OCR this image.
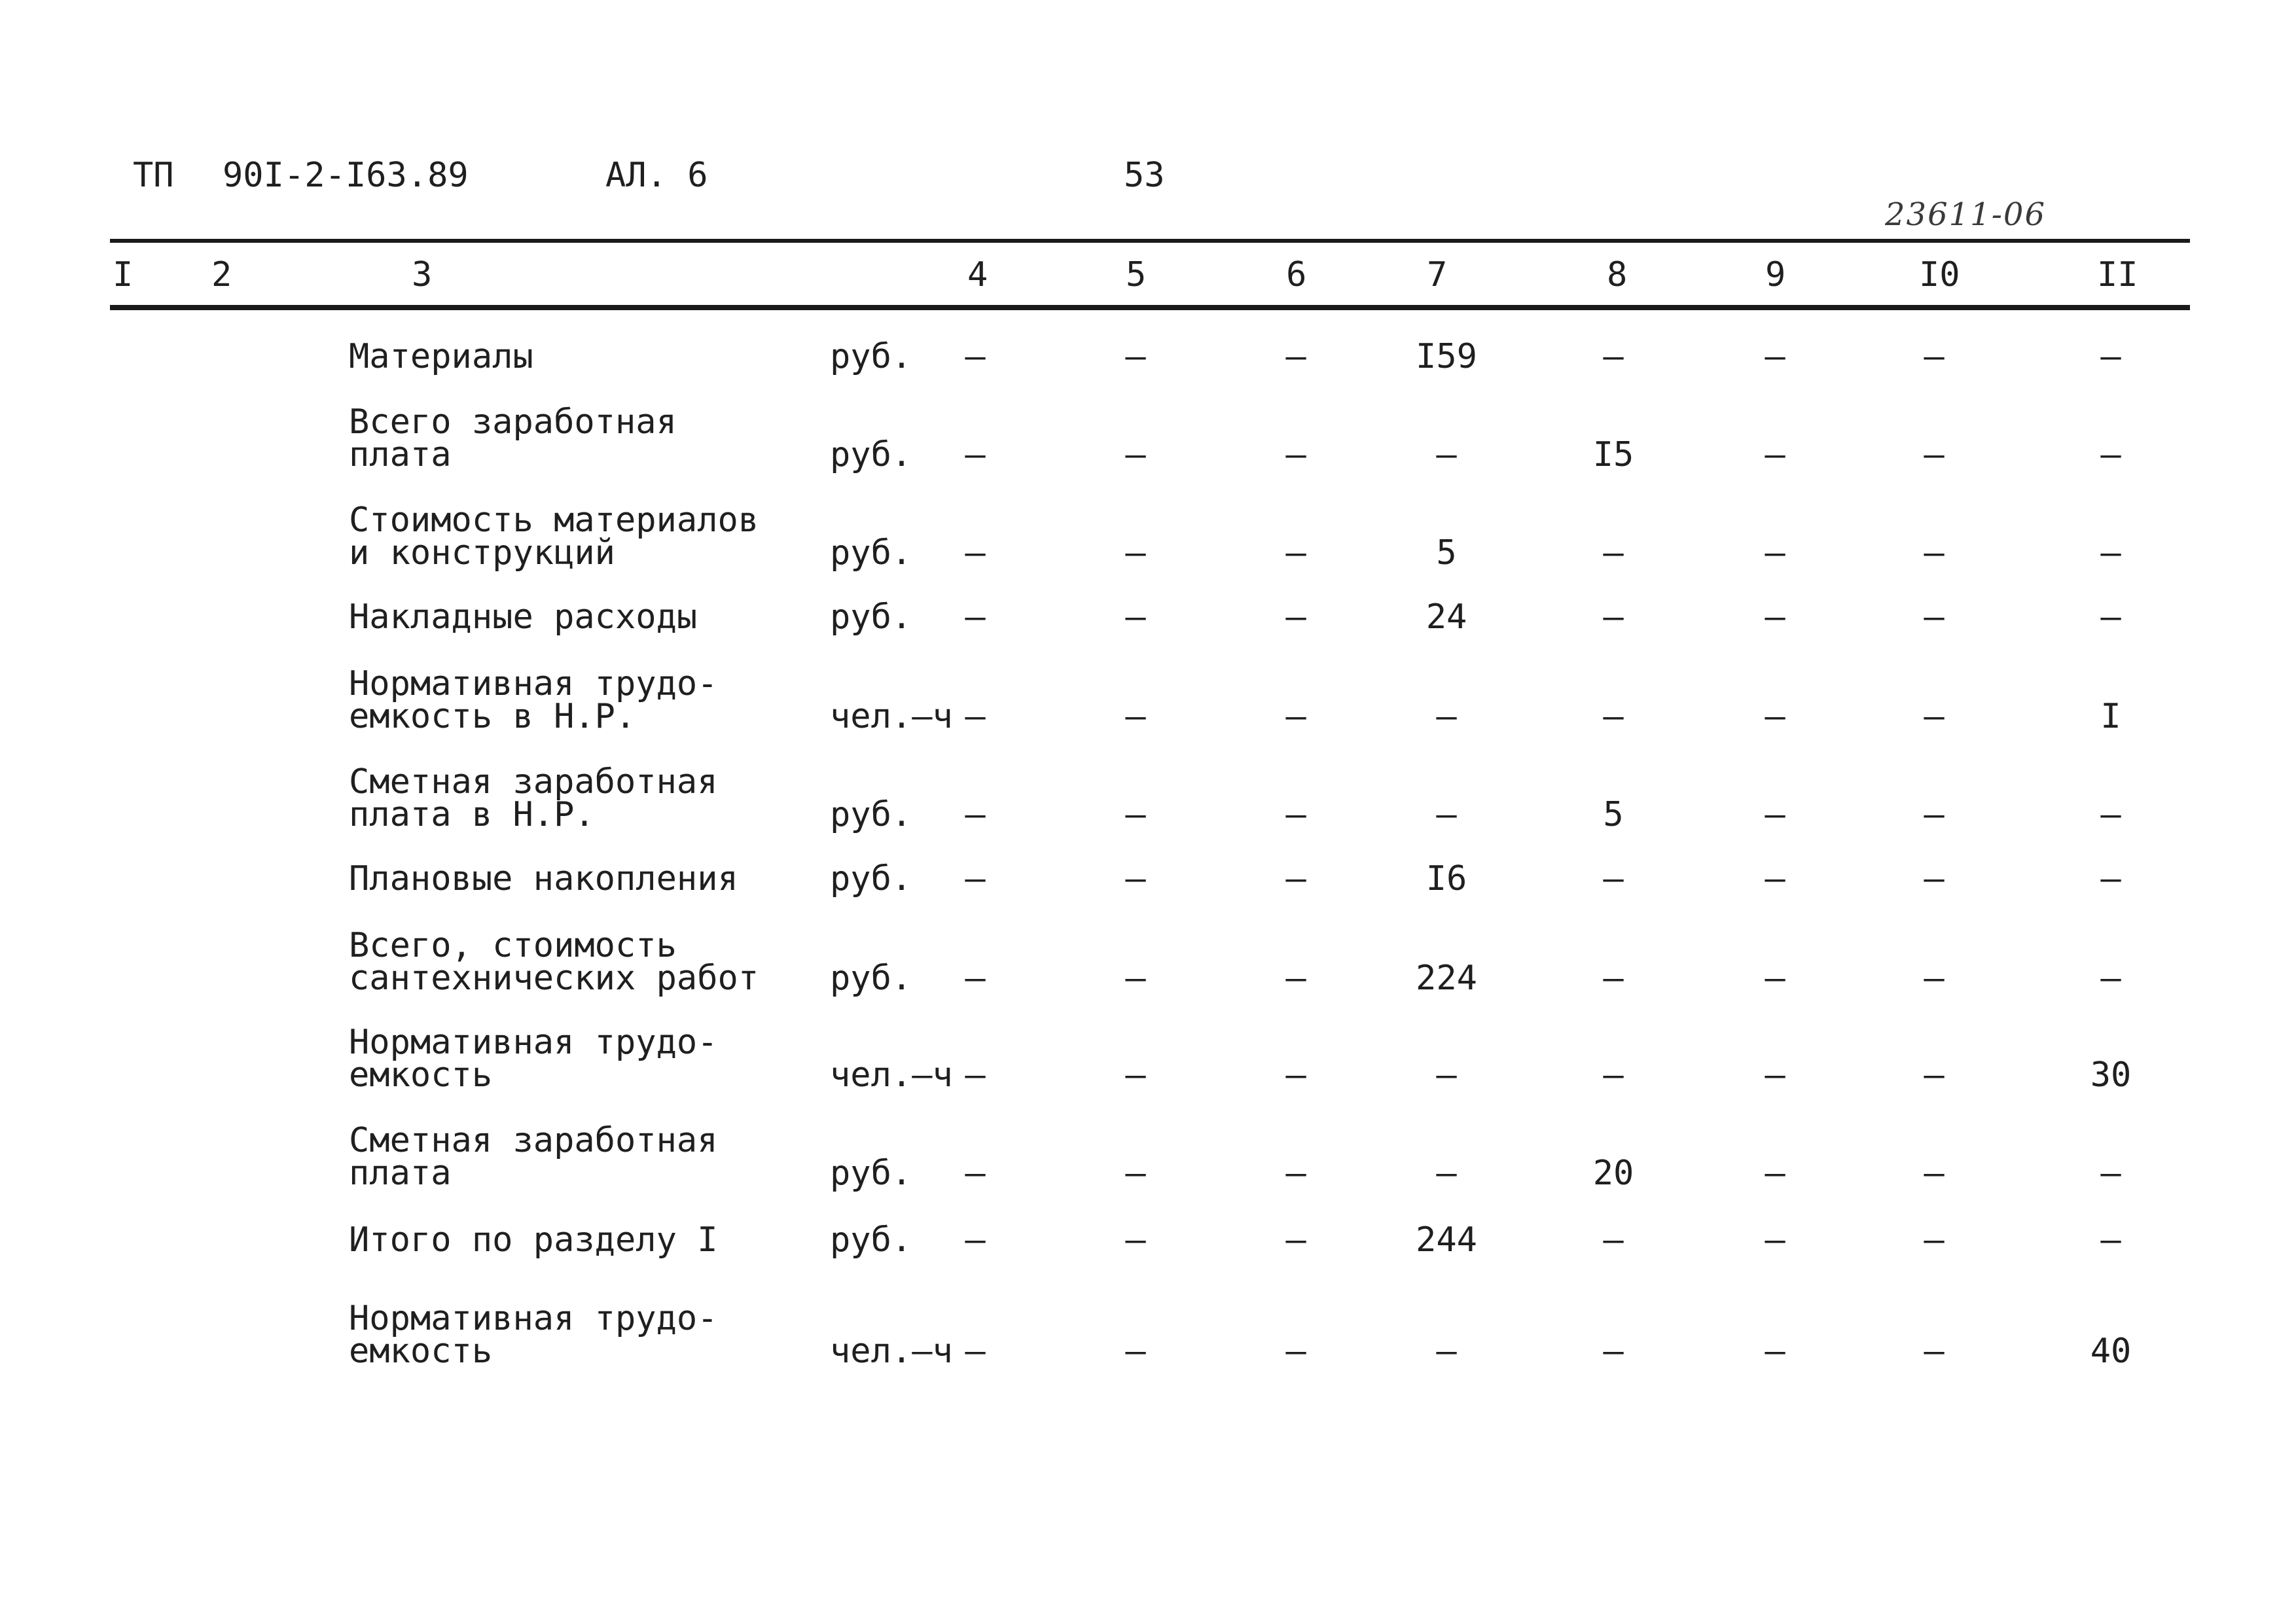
ТП 90I-2-I63.89	АЛ. 6	53
23611-06
I 2	3	4	5	6	7	8	9	I0	II
Материалы	руб. –	–	–	I59	–	–	–	–
Всего заработная
плата	руб. –	–	–	–	I5	–	–	–
Стоимость материалов
и конструкций	руб. –	–	–	5	–	–	–	–
Накладные расходы	руб. –	–	–	24	–	–	–	–
Нормативная трудо-
емкость в Н.Р.	чел.–ч –	–	–	–	–	–	–	I
Сметная заработная
плата в Н.Р.	руб. –	–	–	–	5	–	–	–
Плановые накопления	руб. –	–	–	I6	–	–	–	–
Всего, стоимость
сантехнических работ	руб. –	–	–	224	–	–	–	–
Нормативная трудо-
емкость	чел.–ч –	–	–	–	–	–	–	30
Сметная заработная
плата	руб. –	–	–	–	20	–	–	–
Итого по разделу I	руб. –	–	–	244	–	–	–	–
Нормативная трудо-
емкость	чел.–ч –	–	–	–	–	–	–	40
